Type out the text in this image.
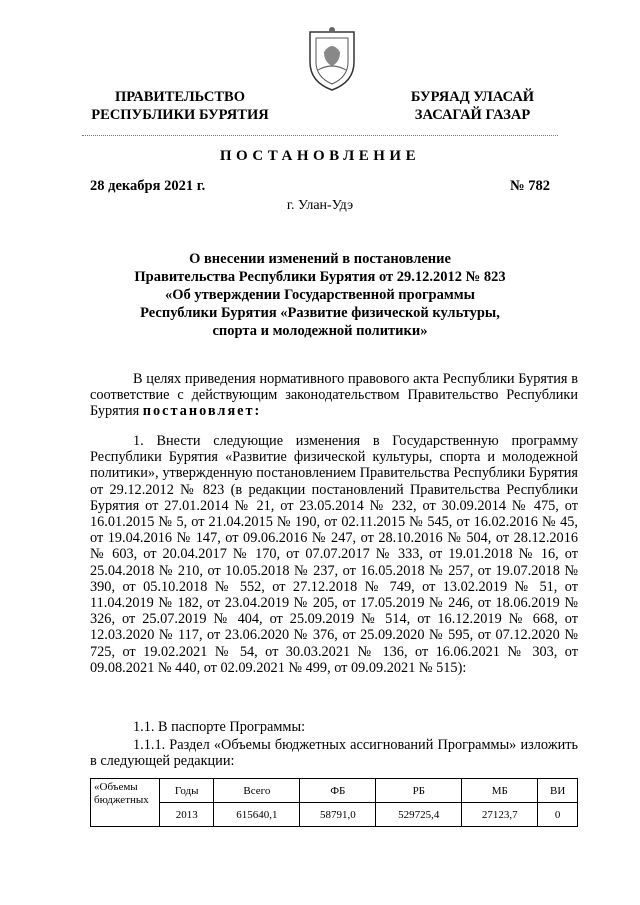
ПРАВИТЕЛЬСТВО
РЕСПУБЛИКИ БУРЯТИЯ
БУРЯАД УЛАСАЙ
ЗАСАГАЙ ГАЗАР
ПОСТАНОВЛЕНИЕ
28 декабря 2021 г.	№ 782
г. Улан-Удэ
О внесении изменений в постановление
Правительства Республики Бурятия от 29.12.2012 № 823
«Об утверждении Государственной программы
Республики Бурятия «Развитие физической культуры,
спорта и молодежной политики»
В целях приведения нормативного правового акта Республики Бурятия в соответствие с действующим законодательством Правительство Республики Бурятия постановляет:
1. Внести следующие изменения в Государственную программу Республики Бурятия «Развитие физической культуры, спорта и молодежной политики», утвержденную постановлением Правительства Республики Бурятия от 29.12.2012 № 823 (в редакции постановлений Правительства Республики Бурятия от 27.01.2014 № 21, от 23.05.2014 № 232, от 30.09.2014 № 475, от 16.01.2015 № 5, от 21.04.2015 № 190, от 02.11.2015 № 545, от 16.02.2016 № 45, от 19.04.2016 № 147, от 09.06.2016 № 247, от 28.10.2016 № 504, от 28.12.2016 № 603, от 20.04.2017 № 170, от 07.07.2017 № 333, от 19.01.2018 № 16, от 25.04.2018 № 210, от 10.05.2018 № 237, от 16.05.2018 № 257, от 19.07.2018 № 390, от 05.10.2018 № 552, от 27.12.2018 № 749, от 13.02.2019 № 51, от 11.04.2019 № 182, от 23.04.2019 № 205, от 17.05.2019 № 246, от 18.06.2019 № 326, от 25.07.2019 № 404, от 25.09.2019 № 514, от 16.12.2019 № 668, от 12.03.2020 № 117, от 23.06.2020 № 376, от 25.09.2020 № 595, от 07.12.2020 № 725, от 19.02.2021 № 54, от 30.03.2021 № 136, от 16.06.2021 № 303, от 09.08.2021 № 440, от 02.09.2021 № 499, от 09.09.2021 № 515):
1.1. В паспорте Программы:
1.1.1. Раздел «Объемы бюджетных ассигнований Программы» изложить в следующей редакции:
«Объемы бюджетных	Годы	Всего	ФБ	РБ	МБ	ВИ
	2013	615640,1	58791,0	529725,4	27123,7	0
